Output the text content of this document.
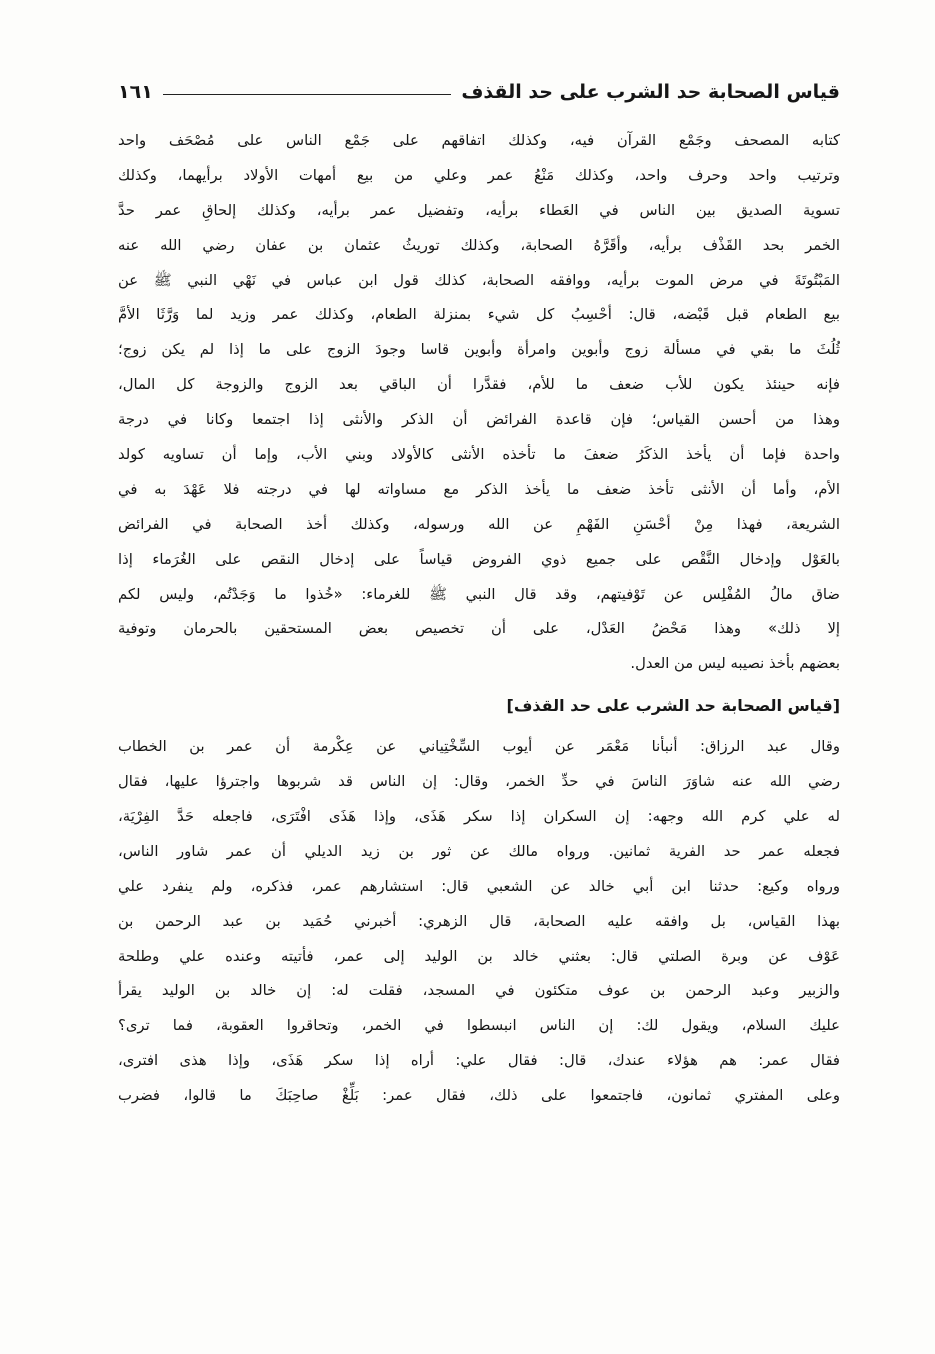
قياس الصحابة حد الشرب على حد القذف
١٦١
كتابه المصحف وجَمْع القرآن فيه، وكذلك اتفاقهم على جَمْع الناس على مُصْحَف واحد
وترتيب واحد وحرف واحد، وكذلك مَنْعُ عمر وعلي من بيع أمهات الأولاد برأيهما، وكذلك
تسوية الصديق بين الناس في العَطاء برأيه، وتفضيل عمر برأيه، وكذلك إلحاقِ عمر حدَّ
الخمر بحد القَذْف برأيه، وأقَرَّهُ الصحابة، وكذلك توريثُ عثمان بن عفان رضي الله عنه
المَبْتُوتَةَ في مرض الموت برأيه، ووافقه الصحابة، كذلك قول ابن عباس في نَهْي النبي ﷺ عن
بيع الطعام قبل قَبْضه، قال: أحْسِبُ كل شيء بمنزلة الطعام، وكذلك عمر وزيد لما وَرَّثَا الأمَّ
ثُلُثَ ما بقي في مسألة زوج وأبوين وامرأة وأبوين قاسا وجودَ الزوج على ما إذا لم يكن زوج؛
فإنه حينئذ يكون للأب ضعف ما للأم، فقدَّرا أن الباقي بعد الزوج والزوجة كل المال،
وهذا من أحسن القياس؛ فإن قاعدة الفرائض أن الذكر والأنثى إذا اجتمعا وكانا في درجة
واحدة فإما أن يأخذ الذكَرُ ضعفَ ما تأخذه الأنثى كالأولاد وبني الأب، وإما أن تساويه كولد
الأم، وأما أن الأنثى تأخذ ضعف ما يأخذ الذكر مع مساواته لها في درجته فلا عَهْدَ به في
الشريعة، فهذا مِنْ أحْسَنِ الفَهْمِ عن الله ورسوله، وكذلك أخذ الصحابة في الفرائض
بالعَوْل وإدخال النَّقْص على جميع ذوي الفروض قياساً على إدخال النقص على الغُرَماء إذا
ضاق مالُ المُفْلِس عن تَوْفيتهم، وقد قال النبي ﷺ للغرماء: «خُذوا ما وَجَدْتُم، وليس لكم
إلا ذلك» وهذا مَحْضُ العَدْل، على أن تخصيص بعض المستحقين بالحرمان وتوفية
بعضهم بأخذ نصيبه ليس من العدل.
[قياس الصحابة حد الشرب على حد القذف]
وقال عبد الرزاق: أنبأنا مَعْمَر عن أيوب السِّخْتِياني عن عِكْرمة أن عمر بن الخطاب
رضي الله عنه شاوَرَ الناسَ في حدِّ الخمر، وقال: إن الناس قد شربوها واجترؤا عليها، فقال
له علي كرم الله وجهه: إن السكران إذا سكر هَذَى، وإذا هَذَى افْتَرَى، فاجعله حَدَّ الفِرْيَة،
فجعله عمر حد الفرية ثمانين. ورواه مالك عن ثور بن زيد الديلي أن عمر شاور الناس،
ورواه وكيع: حدثنا ابن أبي خالد عن الشعبي قال: استشارهم عمر، فذكره، ولم ينفرد علي
بهذا القياس، بل وافقه عليه الصحابة، قال الزهري: أخبرني حُمَيد بن عبد الرحمن بن
عَوْف عن وبرة الصلتي قال: بعثني خالد بن الوليد إلى عمر، فأتيته وعنده علي وطلحة
والزبير وعبد الرحمن بن عوف متكئون في المسجد، فقلت له: إن خالد بن الوليد يقرأ
عليك السلام، ويقول لك: إن الناس انبسطوا في الخمر، وتحاقروا العقوبة، فما ترى؟
فقال عمر: هم هؤلاء عندك، قال: فقال علي: أراه إذا سكر هَذَى، وإذا هذى افترى،
وعلى المفتري ثمانون، فاجتمعوا على ذلك، فقال عمر: بَلِّغْ صاحِبَكَ ما قالوا، فضرب
